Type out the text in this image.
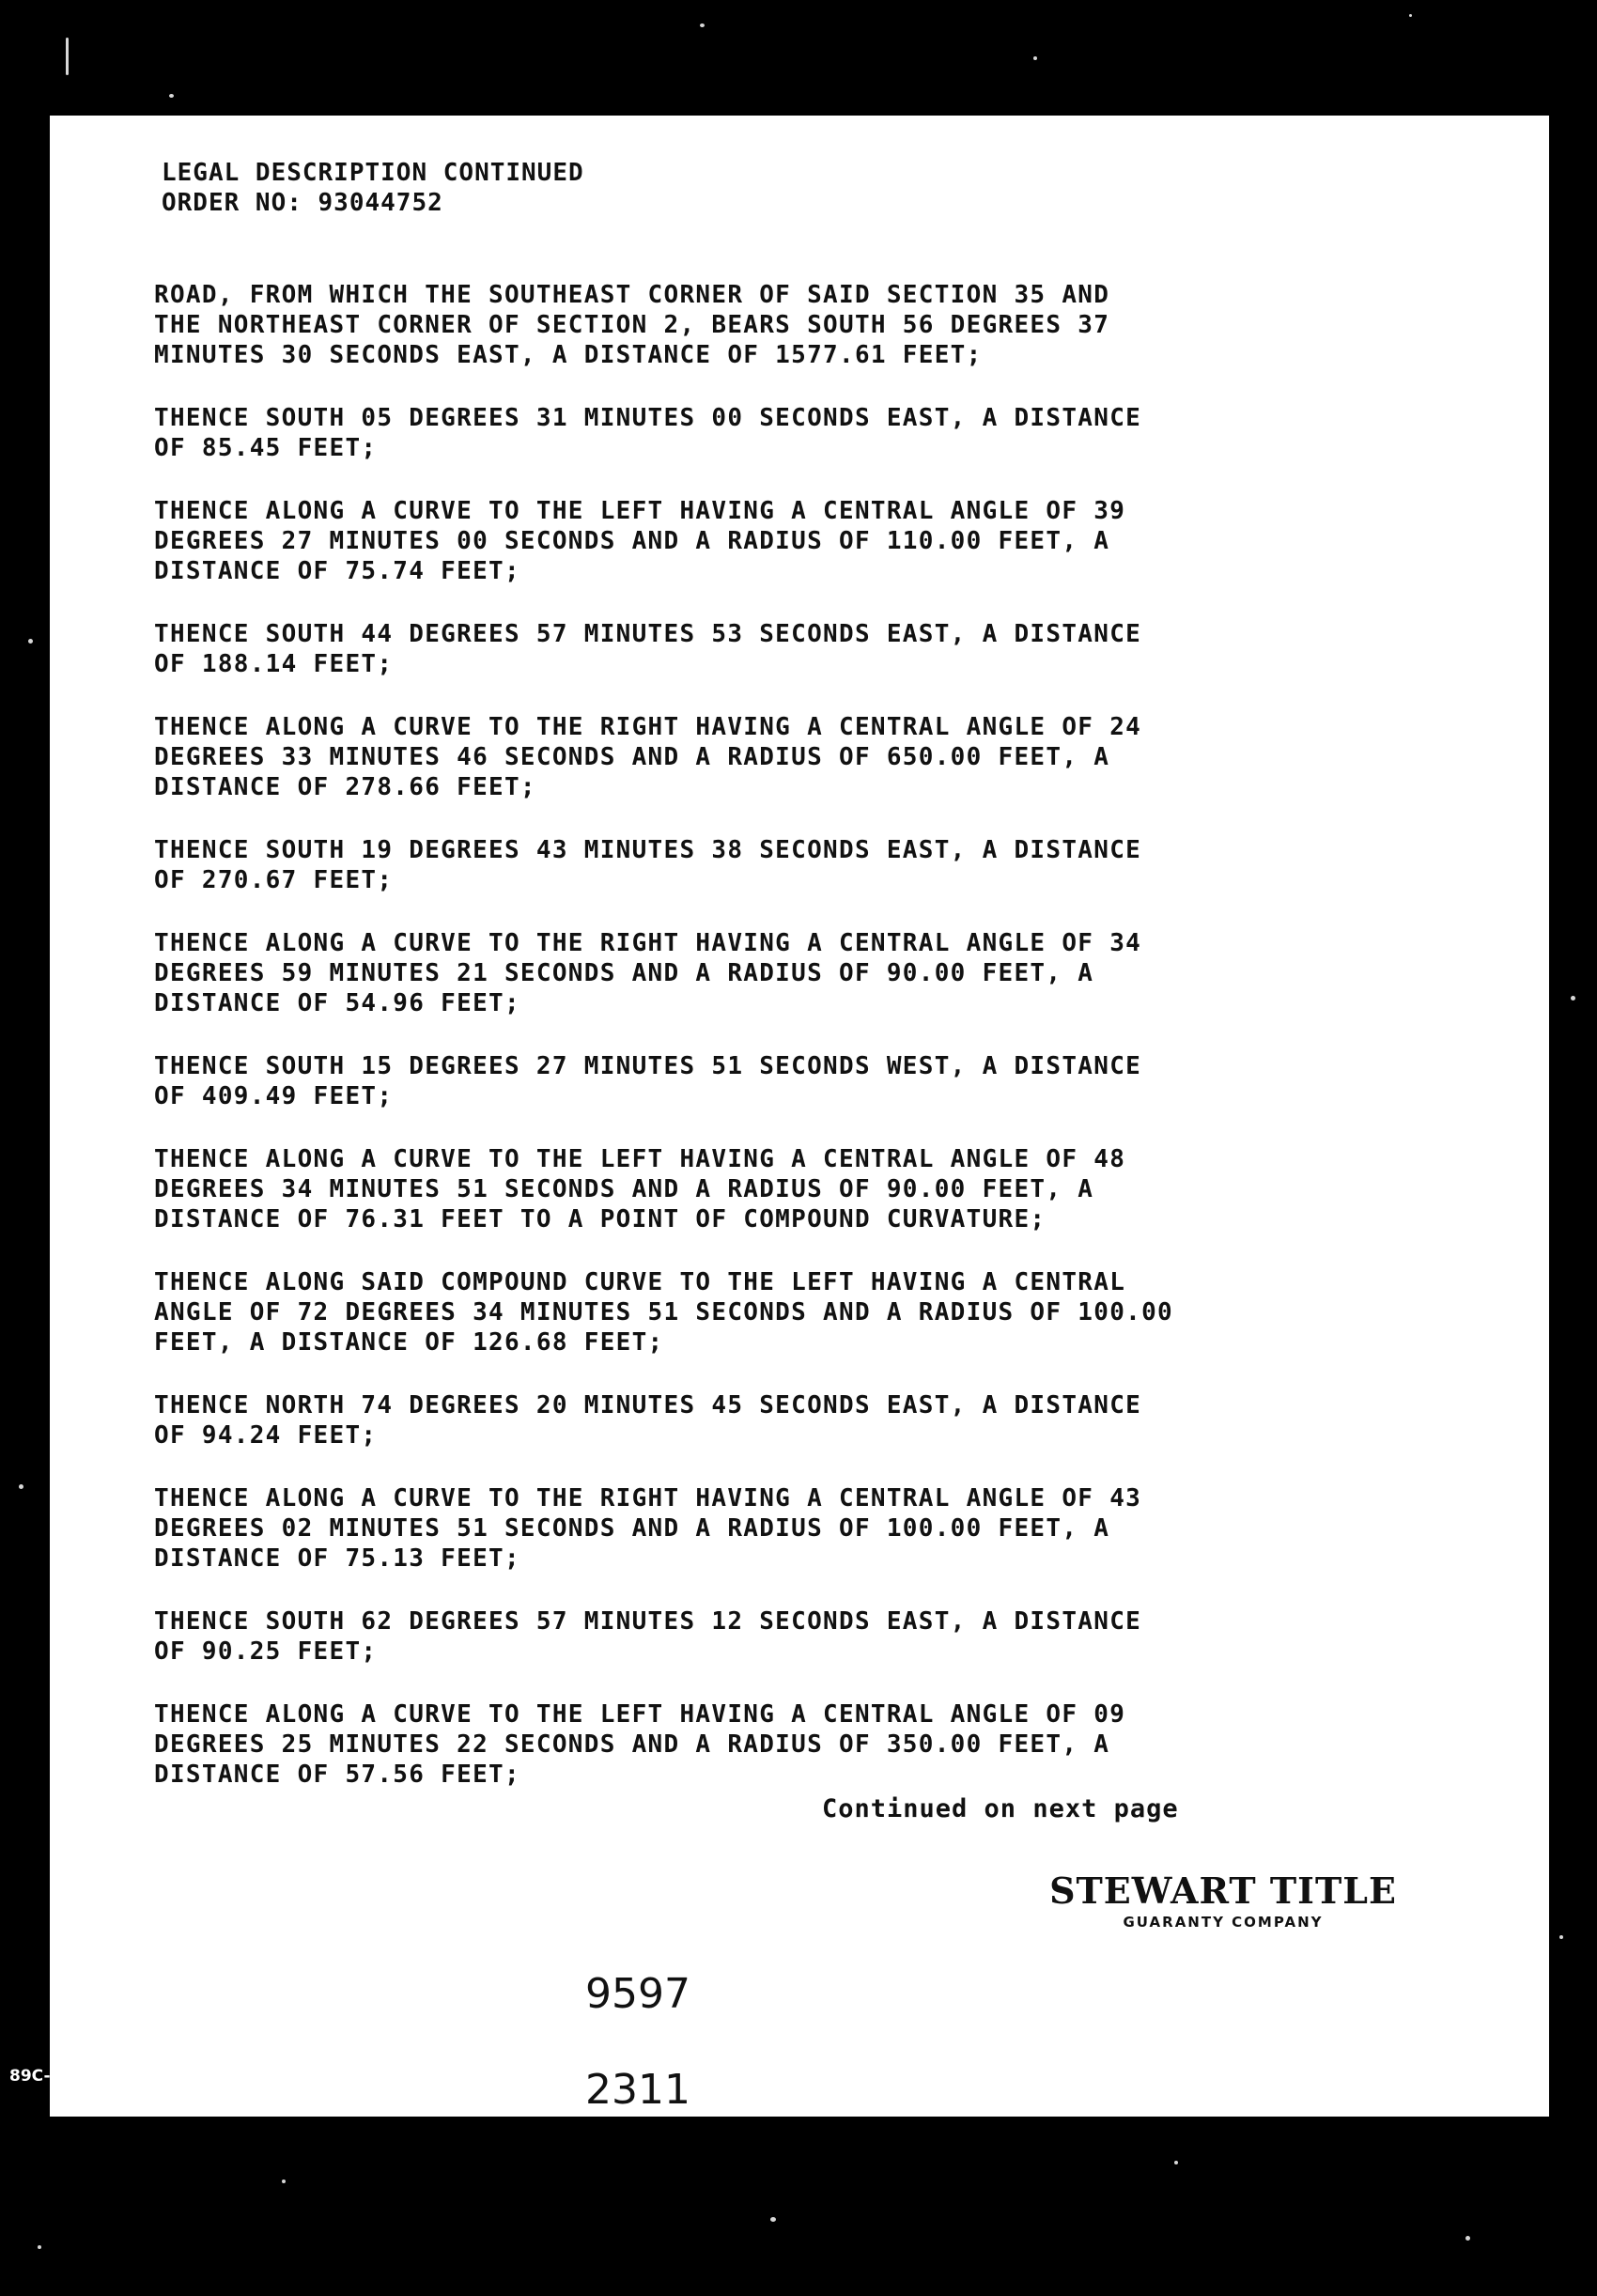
LEGAL DESCRIPTION CONTINUED
ORDER NO: 93044752
ROAD, FROM WHICH THE SOUTHEAST CORNER OF SAID SECTION 35 AND
THE NORTHEAST CORNER OF SECTION 2, BEARS SOUTH 56 DEGREES 37
MINUTES 30 SECONDS EAST, A DISTANCE OF 1577.61 FEET;
THENCE SOUTH 05 DEGREES 31 MINUTES 00 SECONDS EAST, A DISTANCE
OF 85.45 FEET;
THENCE ALONG A CURVE TO THE LEFT HAVING A CENTRAL ANGLE OF 39
DEGREES 27 MINUTES 00 SECONDS AND A RADIUS OF 110.00 FEET, A
DISTANCE OF 75.74 FEET;
THENCE SOUTH 44 DEGREES 57 MINUTES 53 SECONDS EAST, A DISTANCE
OF 188.14 FEET;
THENCE ALONG A CURVE TO THE RIGHT HAVING A CENTRAL ANGLE OF 24
DEGREES 33 MINUTES 46 SECONDS AND A RADIUS OF 650.00 FEET, A
DISTANCE OF 278.66 FEET;
THENCE SOUTH 19 DEGREES 43 MINUTES 38 SECONDS EAST, A DISTANCE
OF 270.67 FEET;
THENCE ALONG A CURVE TO THE RIGHT HAVING A CENTRAL ANGLE OF 34
DEGREES 59 MINUTES 21 SECONDS AND A RADIUS OF 90.00 FEET, A
DISTANCE OF 54.96 FEET;
THENCE SOUTH 15 DEGREES 27 MINUTES 51 SECONDS WEST, A DISTANCE
OF 409.49 FEET;
THENCE ALONG A CURVE TO THE LEFT HAVING A CENTRAL ANGLE OF 48
DEGREES 34 MINUTES 51 SECONDS AND A RADIUS OF 90.00 FEET, A
DISTANCE OF 76.31 FEET TO A POINT OF COMPOUND CURVATURE;
THENCE ALONG SAID COMPOUND CURVE TO THE LEFT HAVING A CENTRAL
ANGLE OF 72 DEGREES 34 MINUTES 51 SECONDS AND A RADIUS OF 100.00
FEET, A DISTANCE OF 126.68 FEET;
THENCE NORTH 74 DEGREES 20 MINUTES 45 SECONDS EAST, A DISTANCE
OF 94.24 FEET;
THENCE ALONG A CURVE TO THE RIGHT HAVING A CENTRAL ANGLE OF 43
DEGREES 02 MINUTES 51 SECONDS AND A RADIUS OF 100.00 FEET, A
DISTANCE OF 75.13 FEET;
THENCE SOUTH 62 DEGREES 57 MINUTES 12 SECONDS EAST, A DISTANCE
OF 90.25 FEET;
THENCE ALONG A CURVE TO THE LEFT HAVING A CENTRAL ANGLE OF 09
DEGREES 25 MINUTES 22 SECONDS AND A RADIUS OF 350.00 FEET, A
DISTANCE OF 57.56 FEET;
Continued on next page
STEWART TITLE
GUARANTY COMPANY

9597

2311

89C-1
